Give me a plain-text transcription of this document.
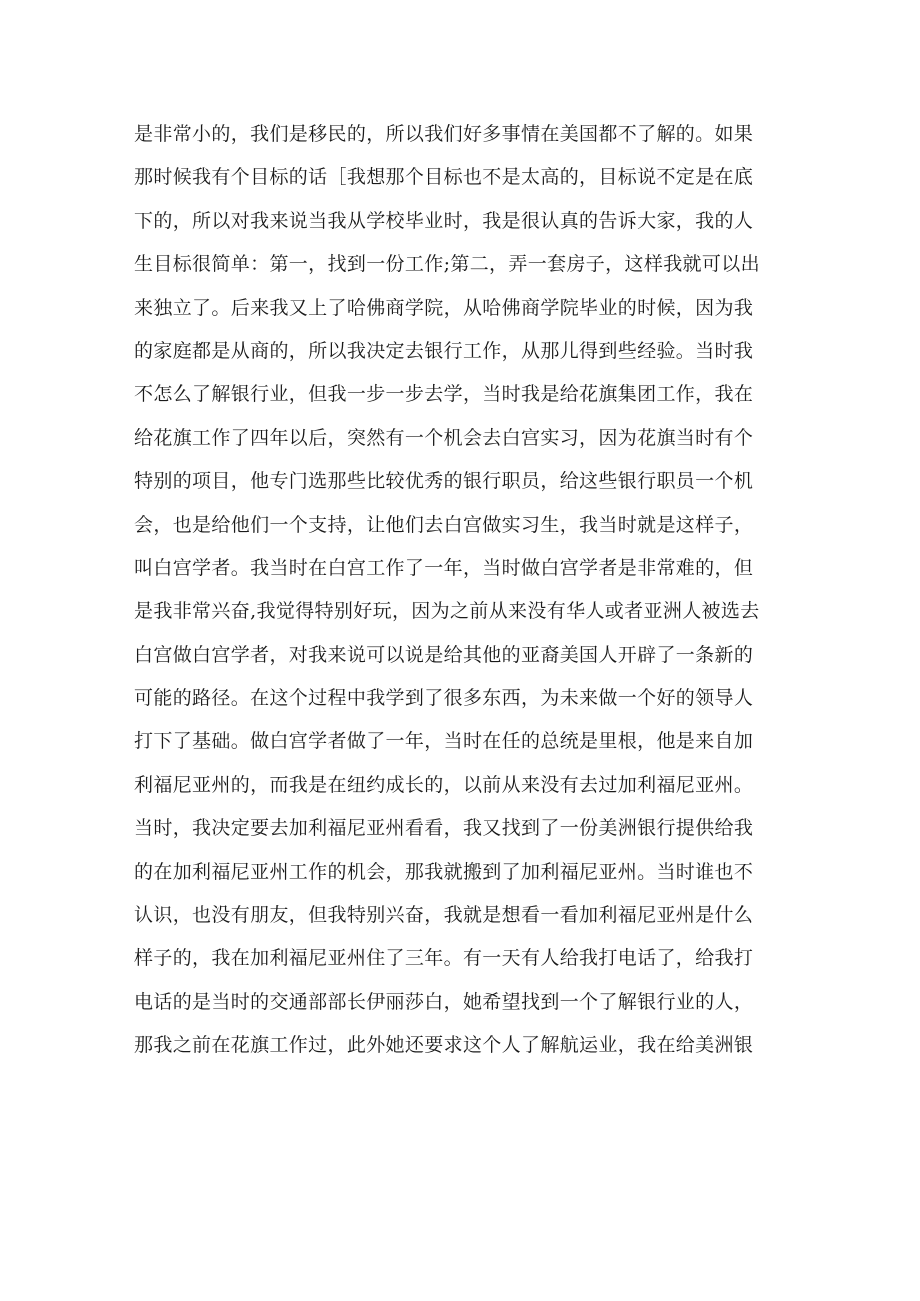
是非常小的，我们是移民的，所以我们好多事情在美国都不了解的。如果
那时候我有个目标的话［我想那个目标也不是太高的，目标说不定是在底
下的，所以对我来说当我从学校毕业时，我是很认真的告诉大家，我的人
生目标很简单：第一，找到一份工作;第二，弄一套房子，这样我就可以出
来独立了。后来我又上了哈佛商学院，从哈佛商学院毕业的时候，因为我
的家庭都是从商的，所以我决定去银行工作，从那儿得到些经验。当时我
不怎么了解银行业，但我一步一步去学，当时我是给花旗集团工作，我在
给花旗工作了四年以后，突然有一个机会去白宫实习，因为花旗当时有个
特别的项目，他专门选那些比较优秀的银行职员，给这些银行职员一个机
会，也是给他们一个支持，让他们去白宫做实习生，我当时就是这样子，
叫白宫学者。我当时在白宫工作了一年，当时做白宫学者是非常难的，但
是我非常兴奋,我觉得特别好玩，因为之前从来没有华人或者亚洲人被选去
白宫做白宫学者，对我来说可以说是给其他的亚裔美国人开辟了一条新的
可能的路径。在这个过程中我学到了很多东西，为未来做一个好的领导人
打下了基础。做白宫学者做了一年，当时在任的总统是里根，他是来自加
利福尼亚州的，而我是在纽约成长的，以前从来没有去过加利福尼亚州。
当时，我决定要去加利福尼亚州看看，我又找到了一份美洲银行提供给我
的在加利福尼亚州工作的机会，那我就搬到了加利福尼亚州。当时谁也不
认识，也没有朋友，但我特别兴奋，我就是想看一看加利福尼亚州是什么
样子的，我在加利福尼亚州住了三年。有一天有人给我打电话了，给我打
电话的是当时的交通部部长伊丽莎白，她希望找到一个了解银行业的人，
那我之前在花旗工作过，此外她还要求这个人了解航运业，我在给美洲银
